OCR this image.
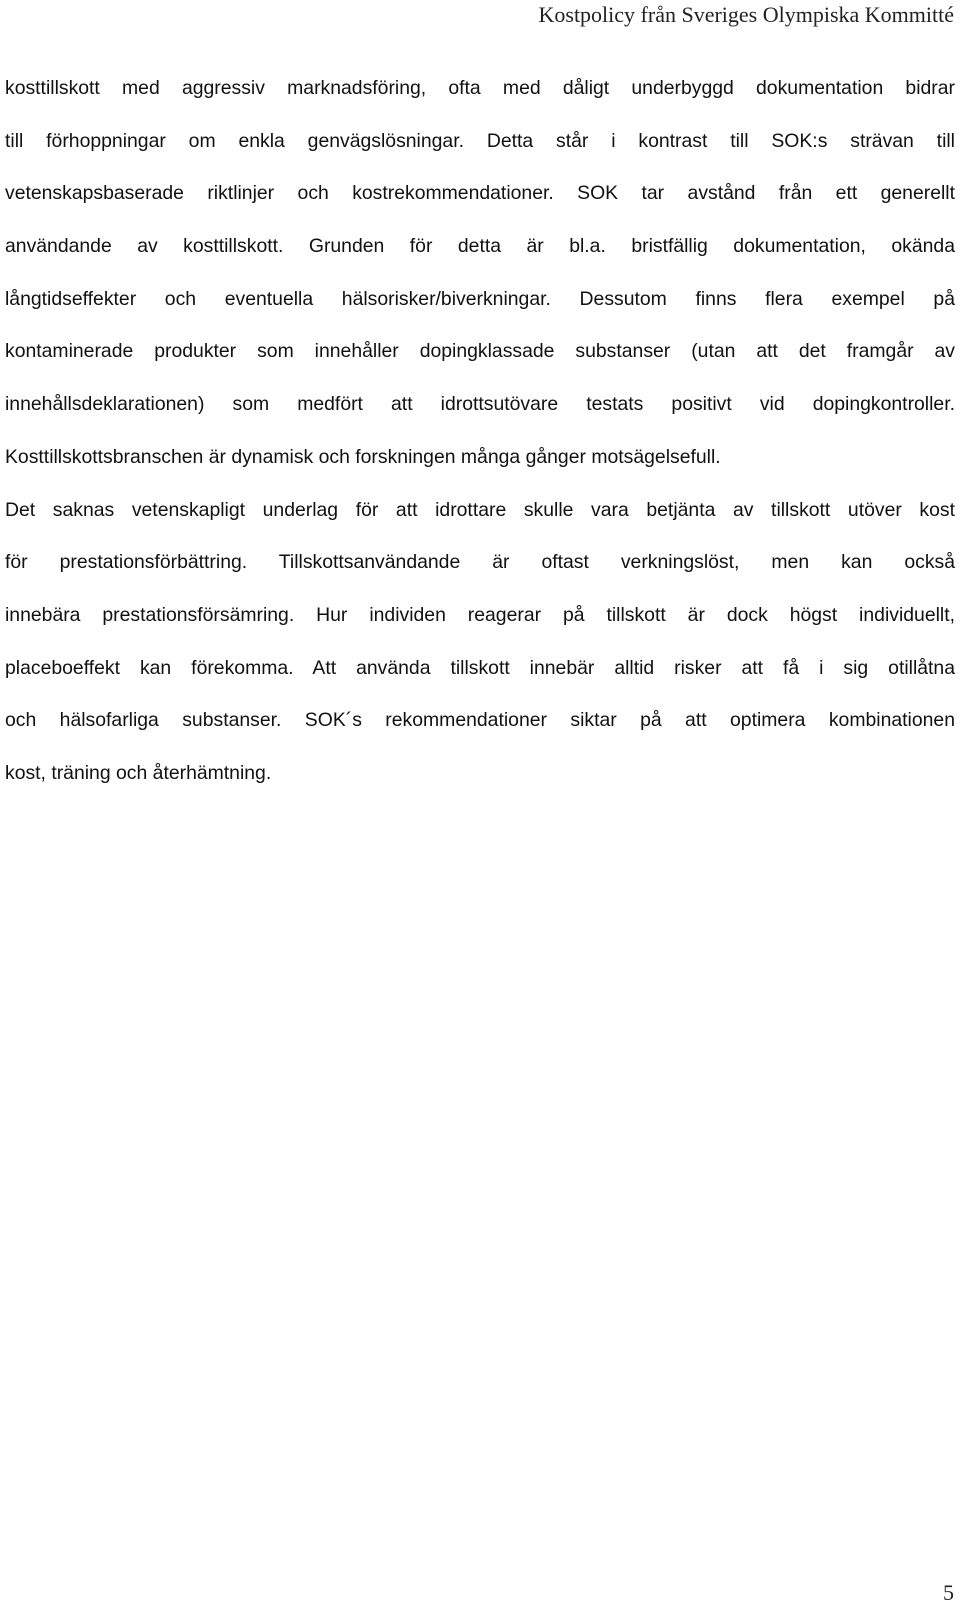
Kostpolicy från Sveriges Olympiska Kommitté
kosttillskott med aggressiv marknadsföring, ofta med dåligt underbyggd dokumentation bidrar
till förhoppningar om enkla genvägslösningar. Detta står i kontrast till SOK:s strävan till
vetenskapsbaserade riktlinjer och kostrekommendationer. SOK tar avstånd från ett generellt
användande av kosttillskott. Grunden för detta är bl.a. bristfällig dokumentation, okända
långtidseffekter och eventuella hälsorisker/biverkningar. Dessutom finns flera exempel på
kontaminerade produkter som innehåller dopingklassade substanser (utan att det framgår av
innehållsdeklarationen) som medfört att idrottsutövare testats positivt vid dopingkontroller.
Kosttillskottsbranschen är dynamisk och forskningen många gånger motsägelsefull.
Det saknas vetenskapligt underlag för att idrottare skulle vara betjänta av tillskott utöver kost
för prestationsförbättring. Tillskottsanvändande är oftast verkningslöst, men kan också
innebära prestationsförsämring. Hur individen reagerar på tillskott är dock högst individuellt,
placeboeffekt kan förekomma. Att använda tillskott innebär alltid risker att få i sig otillåtna
och hälsofarliga substanser. SOK´s rekommendationer siktar på att optimera kombinationen
kost, träning och återhämtning.
5
